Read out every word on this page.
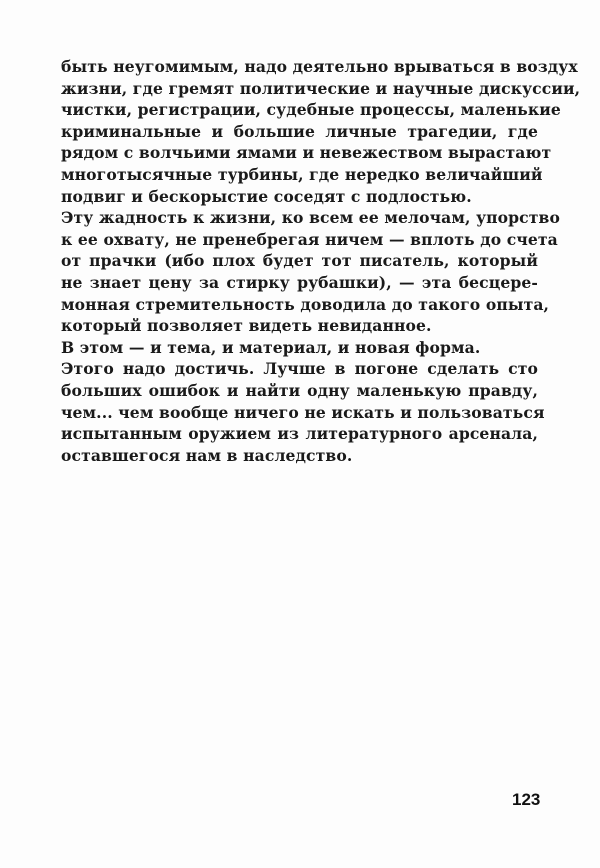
быть неугомимым, надо деятельно врываться в воздух
жизни, где гремят политические и научные дискуссии,
чистки, регистрации, судебные процессы, маленькие
криминальные и большие личные трагедии, где
рядом с волчьими ямами и невежеством вырастают
многотысячные турбины, где нередко величайший
подвиг и бескорыстие соседят с подлостью.
Эту жадность к жизни, ко всем ее мелочам, упорство
к ее охвату, не пренебрегая ничем — вплоть до счета
от прачки (ибо плох будет тот писатель, который
не знает цену за стирку рубашки), — эта бесцере-
монная стремительность доводила до такого опыта,
который позволяет видеть невиданное.
В этом — и тема, и материал, и новая форма.
Этого надо достичь. Лучше в погоне сделать сто
больших ошибок и найти одну маленькую правду,
чем... чем вообще ничего не искать и пользоваться
испытанным оружием из литературного арсенала,
оставшегося нам в наследство.
123
